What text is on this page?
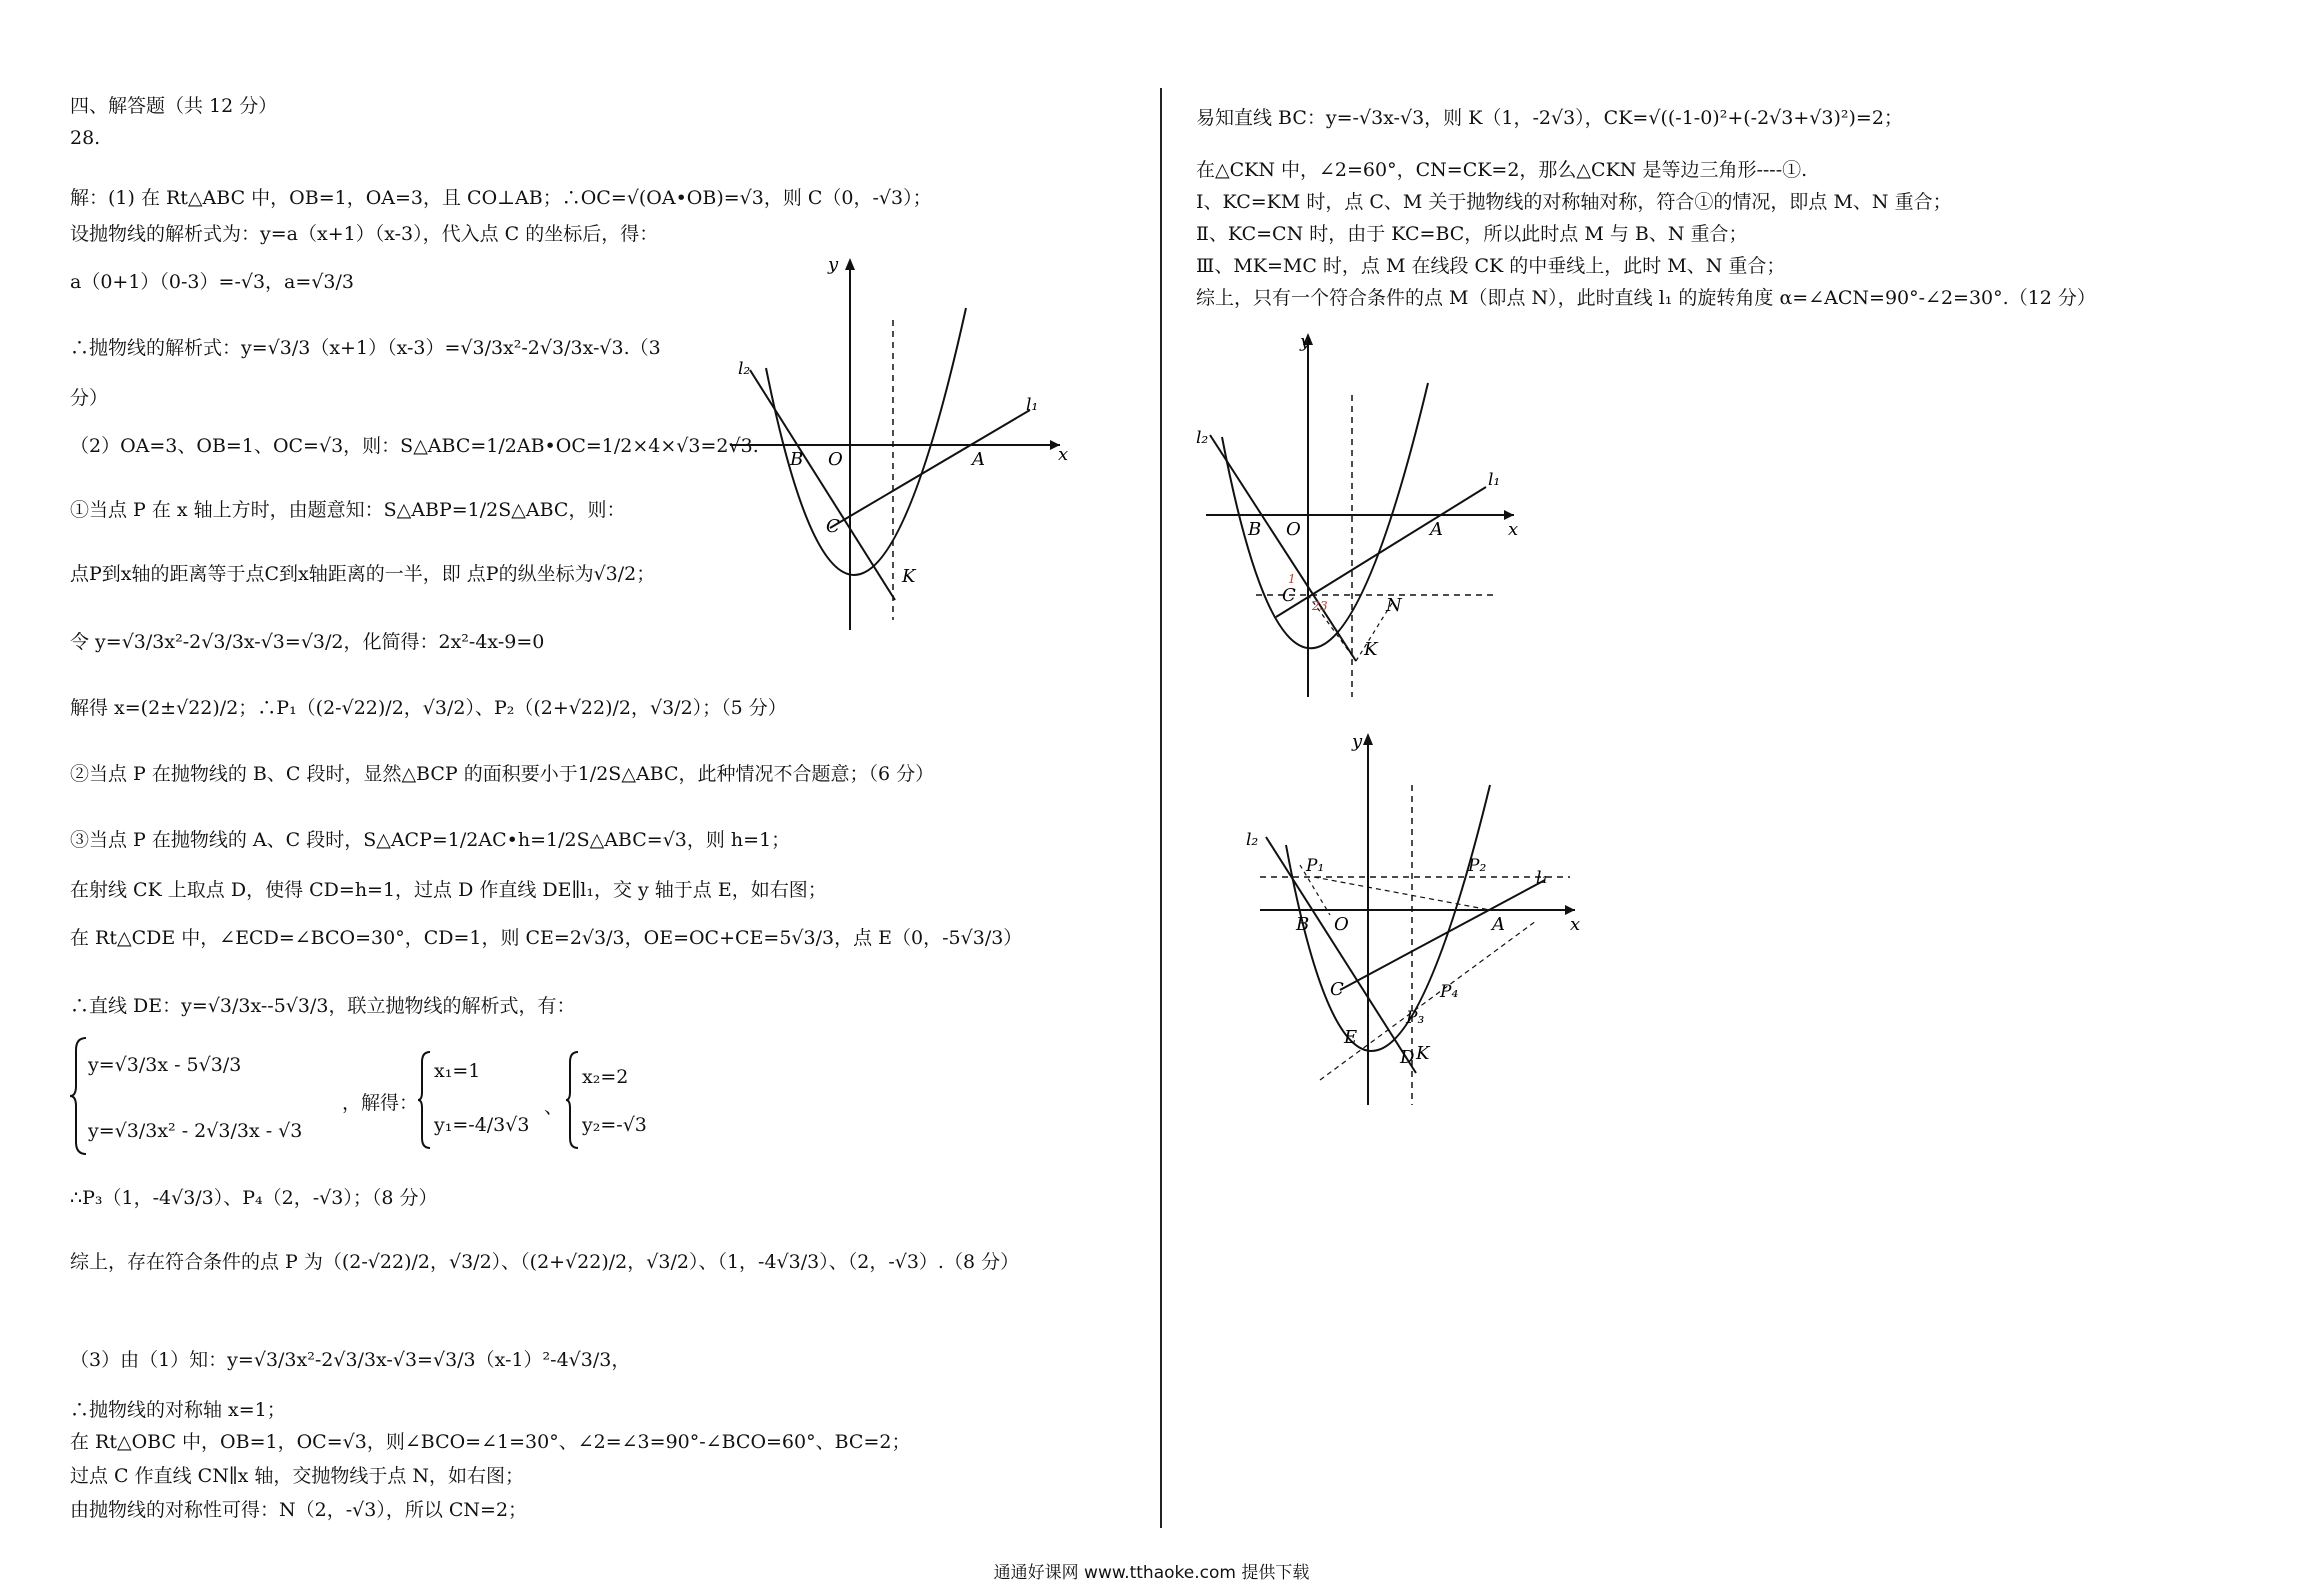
四、解答题（共 12 分）
28.
解：(1) 在 Rt△ABC 中，OB=1，OA=3，且 CO⊥AB；∴OC=√(OA•OB)=√3，则 C（0，-√3）；
设抛物线的解析式为：y=a（x+1）（x-3），代入点 C 的坐标后，得：
a（0+1）（0-3）=-√3，a=√3/3
∴抛物线的解析式：y=√3/3（x+1）（x-3）=√3/3x²-2√3/3x-√3.（3
分）
（2）OA=3、OB=1、OC=√3，则：S△ABC=1/2AB•OC=1/2×4×√3=2√3.
①当点 P 在 x 轴上方时，由题意知：S△ABP=1/2S△ABC，则：
点P到x轴的距离等于点C到x轴距离的一半，即 点P的纵坐标为√3/2；
令 y=√3/3x²-2√3/3x-√3=√3/2，化简得：2x²-4x-9=0
解得 x=(2±√22)/2；∴P₁（(2-√22)/2，√3/2）、P₂（(2+√22)/2，√3/2）；（5 分）
②当点 P 在抛物线的 B、C 段时，显然△BCP 的面积要小于1/2S△ABC，此种情况不合题意；（6 分）
③当点 P 在抛物线的 A、C 段时，S△ACP=1/2AC•h=1/2S△ABC=√3，则 h=1；
在射线 CK 上取点 D，使得 CD=h=1，过点 D 作直线 DE∥l₁，交 y 轴于点 E，如右图；
在 Rt△CDE 中，∠ECD=∠BCO=30°，CD=1，则 CE=2√3/3，OE=OC+CE=5√3/3，点 E（0，-5√3/3）
∴直线 DE：y=√3/3x--5√3/3，联立抛物线的解析式，有：
y=√3/3x - 5√3/3
y=√3/3x² - 2√3/3x - √3
，解得：
x₁=1
y₁=-4/3√3
、
x₂=2
y₂=-√3
∴P₃（1，-4√3/3）、P₄（2，-√3）；（8 分）
综上，存在符合条件的点 P 为（(2-√22)/2，√3/2）、（(2+√22)/2，√3/2）、（1，-4√3/3）、（2，-√3）.（8 分）
（3）由（1）知：y=√3/3x²-2√3/3x-√3=√3/3（x-1）²-4√3/3，
∴抛物线的对称轴 x=1；
在 Rt△OBC 中，OB=1，OC=√3，则∠BCO=∠1=30°、∠2=∠3=90°-∠BCO=60°、BC=2；
过点 C 作直线 CN∥x 轴，交抛物线于点 N，如右图；
由抛物线的对称性可得：N（2，-√3），所以 CN=2；
y
x
B O	A
C
K
l₂
l₁
易知直线 BC：y=-√3x-√3，则 K（1，-2√3），CK=√((-1-0)²+(-2√3+√3)²)=2；
在△CKN 中，∠2=60°，CN=CK=2，那么△CKN 是等边三角形----①.
Ⅰ、KC=KM 时，点 C、M 关于抛物线的对称轴对称，符合①的情况，即点 M、N 重合；
Ⅱ、KC=CN 时，由于 KC=BC，所以此时点 M 与 B、N 重合；
Ⅲ、MK=MC 时，点 M 在线段 CK 的中垂线上，此时 M、N 重合；
综上，只有一个符合条件的点 M（即点 N），此时直线 l₁ 的旋转角度 α=∠ACN=90°-∠2=30°.（12 分）
y
x
B O	A
C
K
N
l₂
l₁
1
2 3
y
x
B O	A
C
K
D
E
P₁	P₂
P₃
P₄
l₂
l₁
通通好课网 www.tthaoke.com 提供下载
